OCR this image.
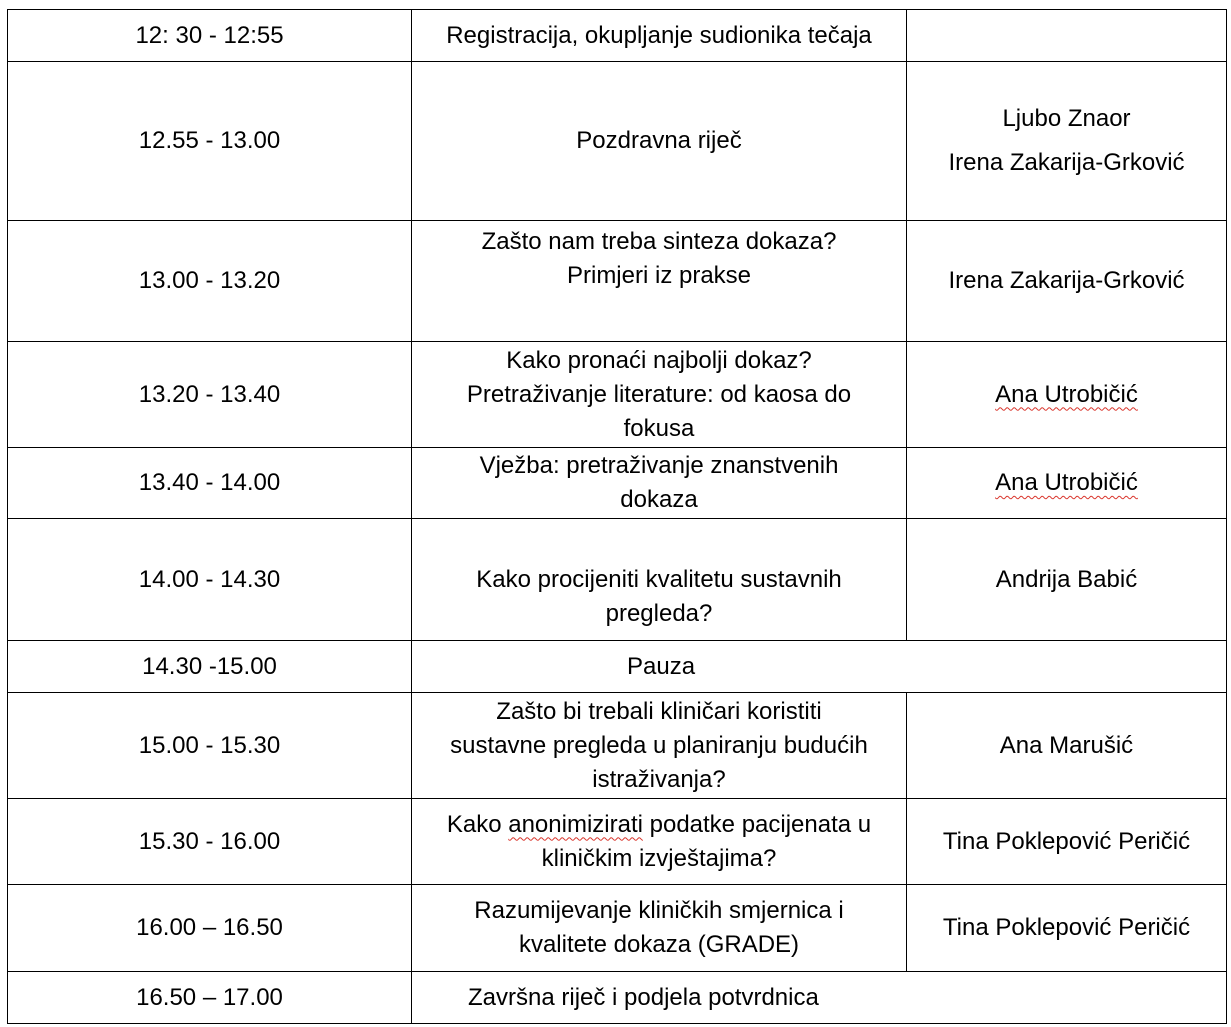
12: 30 - 12:55	Registracija, okupljanje sudionika tečaja	

12.55 - 13.00	Pozdravna riječ	Ljubo Znaor
Irena Zakarija-Grković

13.00 - 13.20	Zašto nam treba sinteza dokaza?
Primjeri iz prakse	Irena Zakarija-Grković
13.20 - 13.40	Kako pronaći najbolji dokaz?
Pretraživanje literature: od kaosa do
fokusa	Ana Utrobičić
13.40 - 14.00	Vježba: pretraživanje znanstvenih
dokaza	Ana Utrobičić
14.00 - 14.30	Kako procijeniti kvalitetu sustavnih
pregleda?	Andrija Babić
14.30 -15.00	Pauza	
15.00 - 15.30	Zašto bi trebali kliničari koristiti
sustavne pregleda u planiranju budućih
istraživanja?	Ana Marušić
15.30 - 16.00	Kako anonimizirati podatke pacijenata u
kliničkim izvještajima?	Tina Poklepović Peričić
16.00 – 16.50	Razumijevanje kliničkih smjernica i
kvalitete dokaza (GRADE)	Tina Poklepović Peričić
16.50 – 17.00	Završna riječ i podjela potvrdnica	
